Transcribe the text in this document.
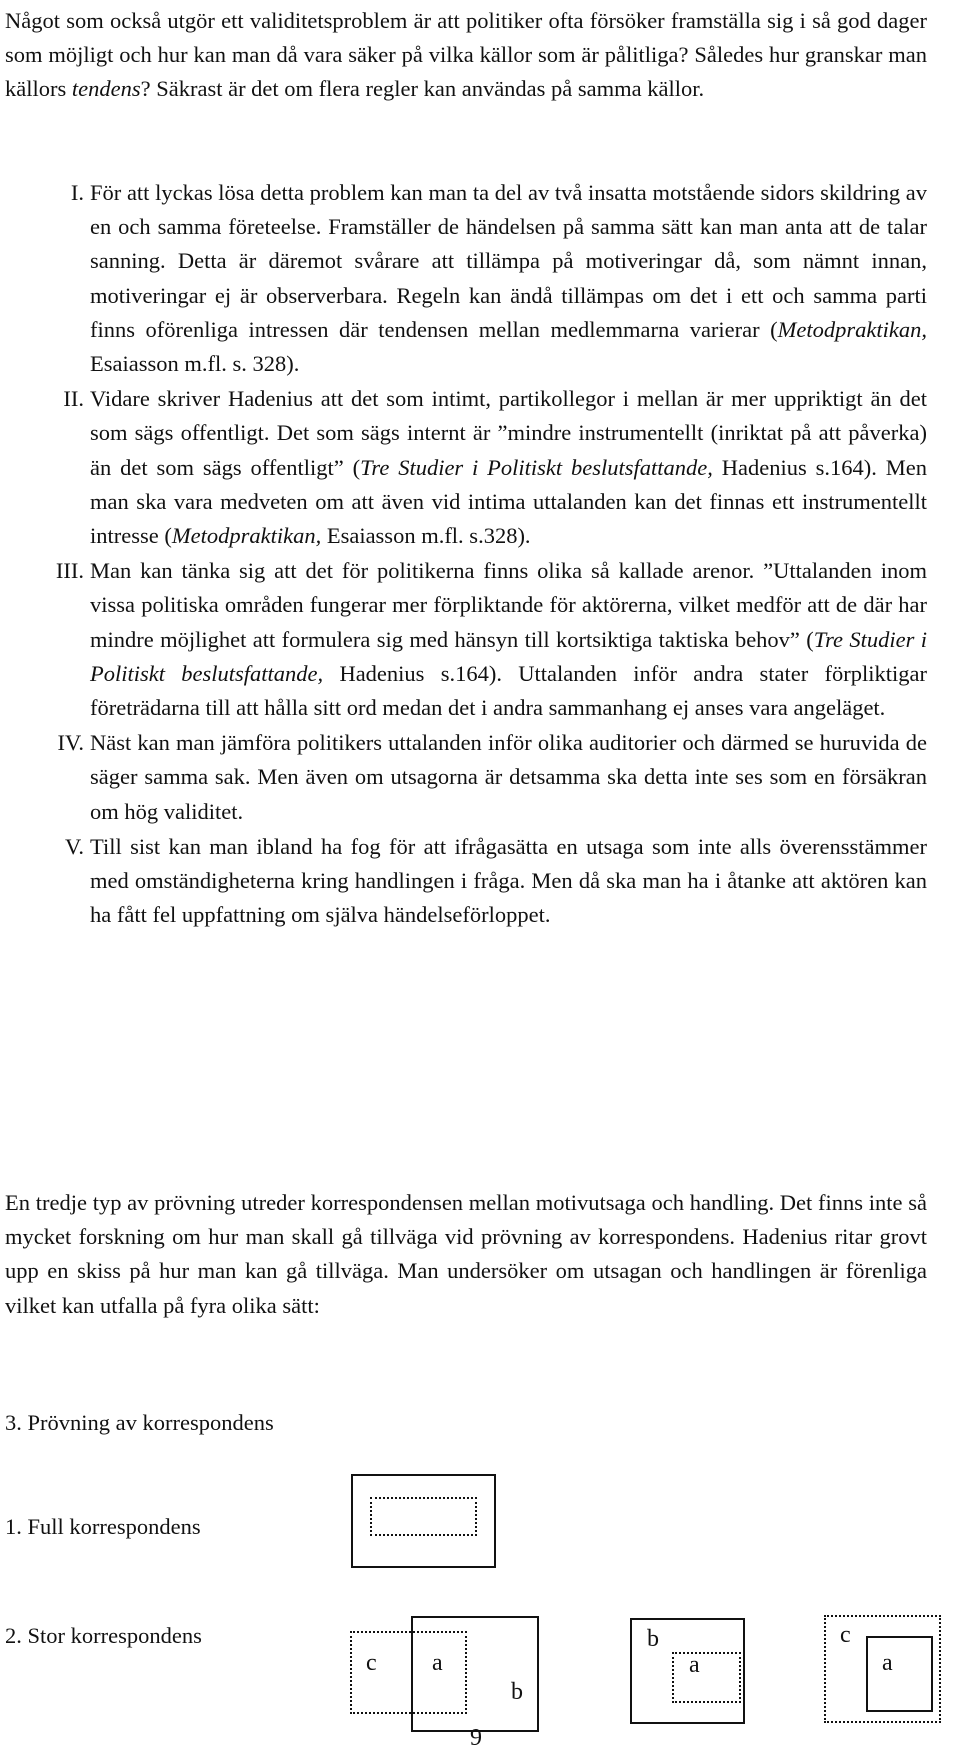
Något som också utgör ett validitetsproblem är att politiker ofta försöker framställa sig i så god dager som möjligt och hur kan man då vara säker på vilka källor som är pålitliga? Således hur granskar man källors tendens? Säkrast är det om flera regler kan användas på samma källor.

I. För att lyckas lösa detta problem kan man ta del av två insatta motstående sidors skildring av en och samma företeelse. Framställer de händelsen på samma sätt kan man anta att de talar sanning. Detta är däremot svårare att tillämpa på motiveringar då, som nämnt innan, motiveringar ej är observerbara. Regeln kan ändå tillämpas om det i ett och samma parti finns oförenliga intressen där tendensen mellan medlemmarna varierar (Metodpraktikan, Esaiasson m.fl. s. 328).
II. Vidare skriver Hadenius att det som intimt, partikollegor i mellan är mer uppriktigt än det som sägs offentligt. Det som sägs internt är ”mindre instrumentellt (inriktat på att påverka) än det som sägs offentligt” (Tre Studier i Politiskt beslutsfattande, Hadenius s.164). Men man ska vara medveten om att även vid intima uttalanden kan det finnas ett instrumentellt intresse (Metodpraktikan, Esaiasson m.fl. s.328).
III. Man kan tänka sig att det för politikerna finns olika så kallade arenor. ”Uttalanden inom vissa politiska områden fungerar mer förpliktande för aktörerna, vilket medför att de där har mindre möjlighet att formulera sig med hänsyn till kortsiktiga taktiska behov” (Tre Studier i Politiskt beslutsfattande, Hadenius s.164). Uttalanden inför andra stater förpliktigar företrädarna till att hålla sitt ord medan det i andra sammanhang ej anses vara angeläget.
IV. Näst kan man jämföra politikers uttalanden inför olika auditorier och därmed se huruvida de säger samma sak. Men även om utsagorna är detsamma ska detta inte ses som en försäkran om hög validitet.
V. Till sist kan man ibland ha fog för att ifrågasätta en utsaga som inte alls överensstämmer med omständigheterna kring handlingen i fråga. Men då ska man ha i åtanke att aktören kan ha fått fel uppfattning om själva händelseförloppet.

En tredje typ av prövning utreder korrespondensen mellan motivutsaga och handling. Det finns inte så mycket forskning om hur man skall gå tillväga vid prövning av korrespondens. Hadenius ritar grovt upp en skiss på hur man kan gå tillväga. Man undersöker om utsagan och handlingen är förenliga vilket kan utfalla på fyra olika sätt:

3. Prövning av korrespondens
1. Full korrespondens
2. Stor korrespondens
c a
b
b
a
c
a
9
